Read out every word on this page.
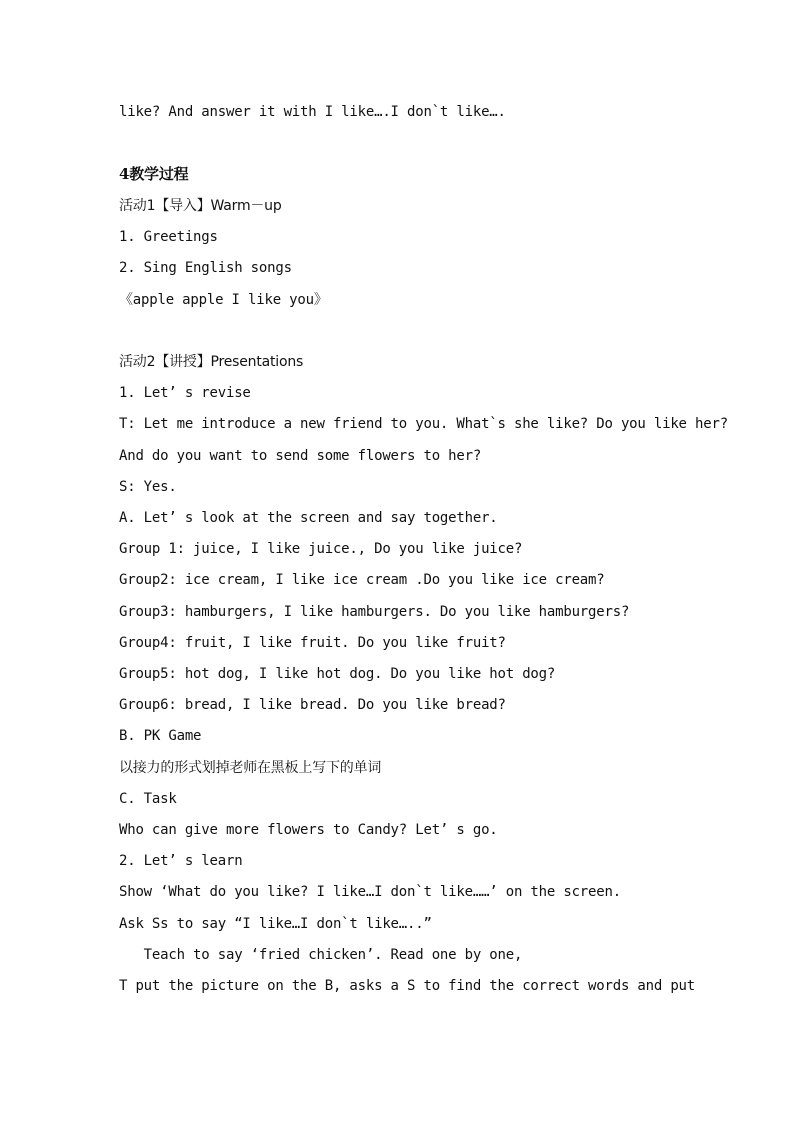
like? And answer it with I like….I don`t like….
4教学过程
活动1【导入】Warm－up
1. Greetings
2. Sing English songs
《apple apple I like you》
活动2【讲授】Presentations
1. Let’ s revise
T: Let me introduce a new friend to you. What`s she like? Do you like her?
And do you want to send some flowers to her?
S: Yes.
A. Let’ s look at the screen and say together.
Group 1: juice, I like juice., Do you like juice?
Group2: ice cream, I like ice cream .Do you like ice cream?
Group3: hamburgers, I like hamburgers. Do you like hamburgers?
Group4: fruit, I like fruit. Do you like fruit?
Group5: hot dog, I like hot dog. Do you like hot dog?
Group6: bread, I like bread. Do you like bread?
B. PK Game
以接力的形式划掉老师在黑板上写下的单词
C. Task
Who can give more flowers to Candy? Let’ s go.
2. Let’ s learn
Show ‘What do you like? I like…I don`t like……’ on the screen.
Ask Ss to say “I like…I don`t like…..”
Teach to say ‘fried chicken’. Read one by one,
T put the picture on the B, asks a S to find the correct words and put
